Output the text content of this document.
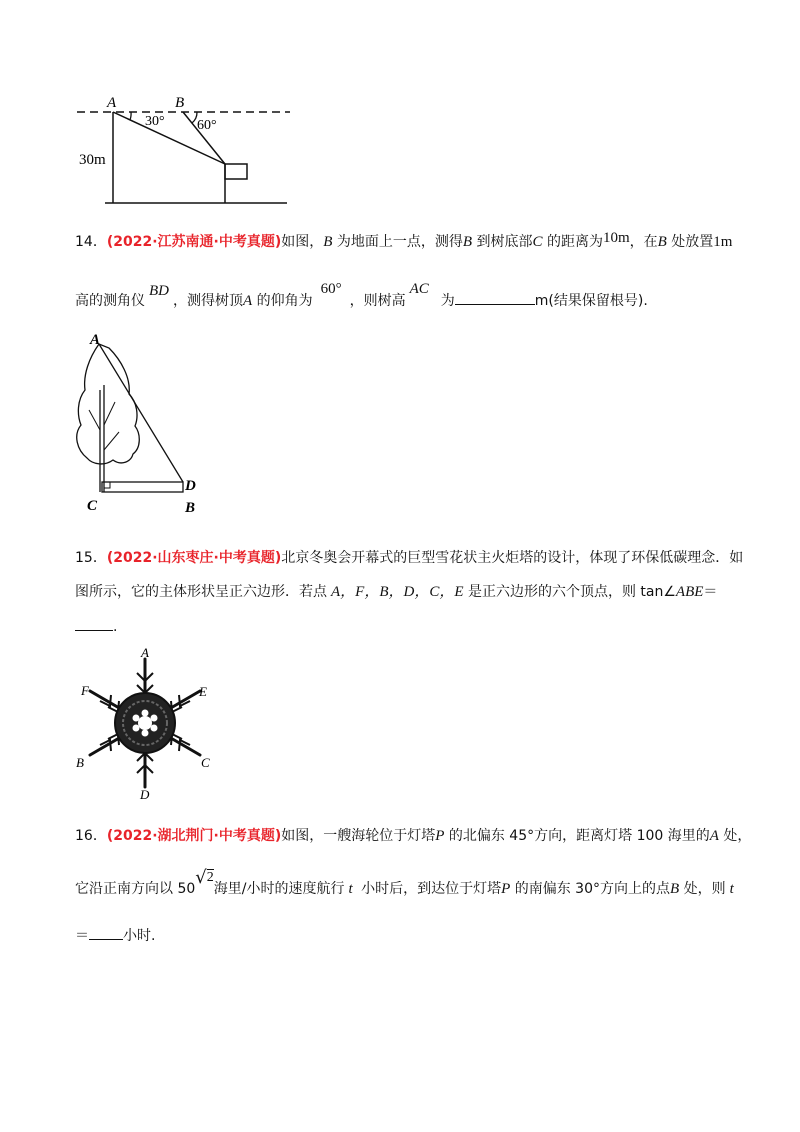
A	B
30° 60°
30m
14．(2022·江苏南通·中考真题)如图，B 为地面上一点，测得B 到树底部C 的距离为10m，在B 处放置1m
高的测角仪BD，测得树顶A 的仰角为60°，则树高AC为	m(结果保留根号).
A
C
D
B
15．(2022·山东枣庄·中考真题)北京冬奥会开幕式的巨型雪花状主火炬塔的设计，体现了环保低碳理念．如
图所示，它的主体形状呈正六边形．若点 A，F，B，D，C，E 是正六边形的六个顶点，则 tan∠ABE＝
.
A
E
F
B	C
D
16．(2022·湖北荆门·中考真题)如图，一艘海轮位于灯塔P 的北偏东 45°方向，距离灯塔 100 海里的A 处，
它沿正南方向以 50√2海里/小时的速度航行 t 小时后，到达位于灯塔P 的南偏东 30°方向上的点B 处，则 t
＝ 小时.
